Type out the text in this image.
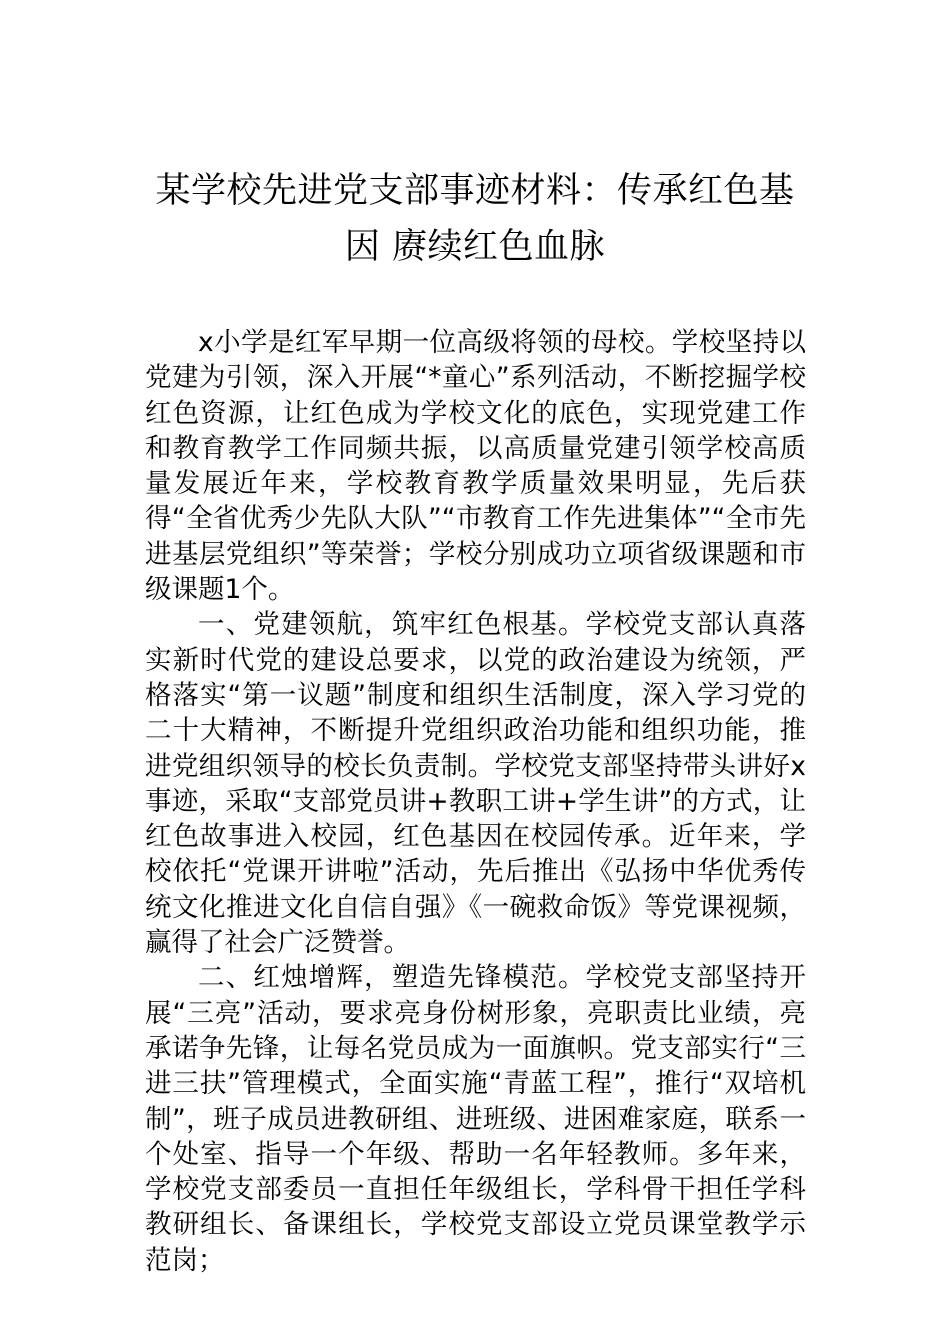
某学校先进党支部事迹材料：传承红色基因 赓续红色血脉

x小学是红军早期一位高级将领的母校。学校坚持以党建为引领，深入开展“*童心”系列活动，不断挖掘学校红色资源，让红色成为学校文化的底色，实现党建工作和教育教学工作同频共振，以高质量党建引领学校高质量发展近年来，学校教育教学质量效果明显，先后获得“全省优秀少先队大队”“市教育工作先进集体”“全市先进基层党组织”等荣誉；学校分别成功立项省级课题和市级课题1个。

一、党建领航，筑牢红色根基。学校党支部认真落实新时代党的建设总要求，以党的政治建设为统领，严格落实“第一议题”制度和组织生活制度，深入学习党的二十大精神，不断提升党组织政治功能和组织功能，推进党组织领导的校长负责制。学校党支部坚持带头讲好x事迹，采取“支部党员讲+教职工讲+学生讲”的方式，让红色故事进入校园，红色基因在校园传承。近年来，学校依托“党课开讲啦”活动，先后推出《弘扬中华优秀传统文化推进文化自信自强》《一碗救命饭》等党课视频，赢得了社会广泛赞誉。

二、红烛增辉，塑造先锋模范。学校党支部坚持开展“三亮”活动，要求亮身份树形象，亮职责比业绩，亮承诺争先锋，让每名党员成为一面旗帜。党支部实行“三进三扶”管理模式，全面实施“青蓝工程”，推行“双培机制”，班子成员进教研组、进班级、进困难家庭，联系一个处室、指导一个年级、帮助一名年轻教师。多年来，学校党支部委员一直担任年级组长，学科骨干担任学科教研组长、备课组长，学校党支部设立党员课堂教学示范岗；
